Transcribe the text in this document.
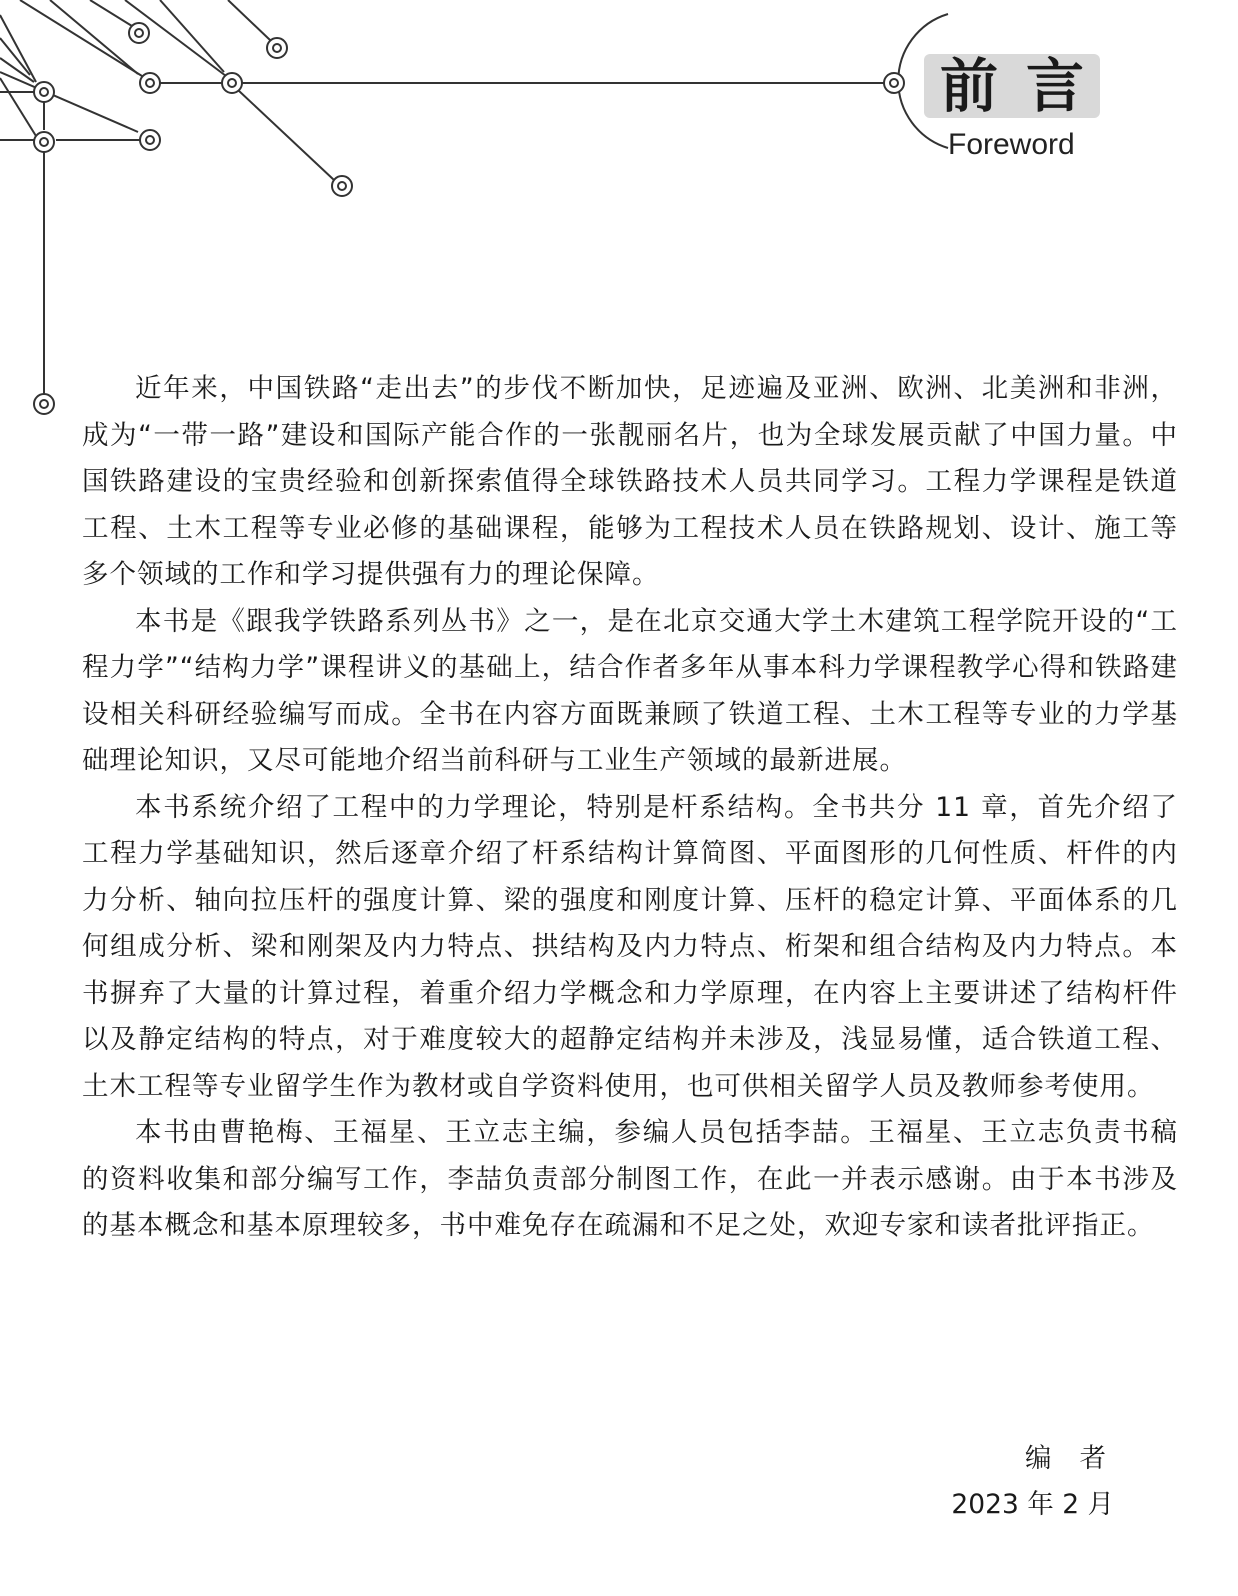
前言
Foreword

近年来，中国铁路“走出去”的步伐不断加快，足迹遍及亚洲、欧洲、北美洲和非洲，成为“一带一路”建设和国际产能合作的一张靓丽名片，也为全球发展贡献了中国力量。中国铁路建设的宝贵经验和创新探索值得全球铁路技术人员共同学习。工程力学课程是铁道工程、土木工程等专业必修的基础课程，能够为工程技术人员在铁路规划、设计、施工等多个领域的工作和学习提供强有力的理论保障。

本书是《跟我学铁路系列丛书》之一，是在北京交通大学土木建筑工程学院开设的“工程力学”“结构力学”课程讲义的基础上，结合作者多年从事本科力学课程教学心得和铁路建设相关科研经验编写而成。全书在内容方面既兼顾了铁道工程、土木工程等专业的力学基础理论知识，又尽可能地介绍当前科研与工业生产领域的最新进展。

本书系统介绍了工程中的力学理论，特别是杆系结构。全书共分 11 章，首先介绍了工程力学基础知识，然后逐章介绍了杆系结构计算简图、平面图形的几何性质、杆件的内力分析、轴向拉压杆的强度计算、梁的强度和刚度计算、压杆的稳定计算、平面体系的几何组成分析、梁和刚架及内力特点、拱结构及内力特点、桁架和组合结构及内力特点。本书摒弃了大量的计算过程，着重介绍力学概念和力学原理，在内容上主要讲述了结构杆件以及静定结构的特点，对于难度较大的超静定结构并未涉及，浅显易懂，适合铁道工程、土木工程等专业留学生作为教材或自学资料使用，也可供相关留学人员及教师参考使用。

本书由曹艳梅、王福星、王立志主编，参编人员包括李喆。王福星、王立志负责书稿的资料收集和部分编写工作，李喆负责部分制图工作，在此一并表示感谢。由于本书涉及的基本概念和基本原理较多，书中难免存在疏漏和不足之处，欢迎专家和读者批评指正。

编者
2023 年 2 月
